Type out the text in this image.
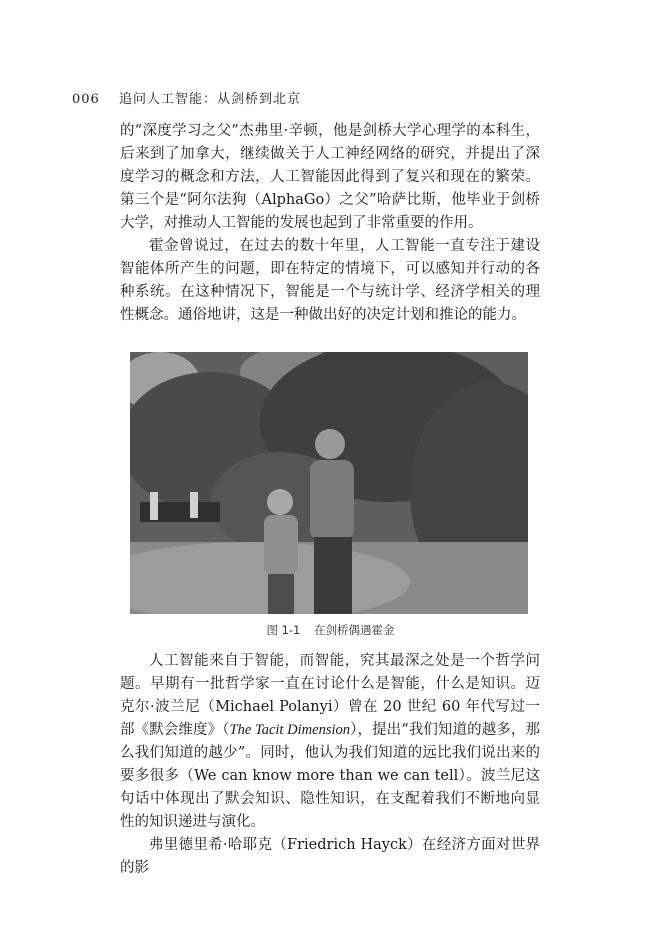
006 追问人工智能：从剑桥到北京

的“深度学习之父”杰弗里·辛顿，他是剑桥大学心理学的本科生，后来到了加拿大，继续做关于人工神经网络的研究，并提出了深度学习的概念和方法，人工智能因此得到了复兴和现在的繁荣。第三个是“阿尔法狗（AlphaGo）之父”哈萨比斯，他毕业于剑桥大学，对推动人工智能的发展也起到了非常重要的作用。

霍金曾说过，在过去的数十年里，人工智能一直专注于建设智能体所产生的问题，即在特定的情境下，可以感知并行动的各种系统。在这种情况下，智能是一个与统计学、经济学相关的理性概念。通俗地讲，这是一种做出好的决定计划和推论的能力。

图 1-1 在剑桥偶遇霍金

人工智能来自于智能，而智能，究其最深之处是一个哲学问题。早期有一批哲学家一直在讨论什么是智能，什么是知识。迈克尔·波兰尼（Michael Polanyi）曾在 20 世纪 60 年代写过一部《默会维度》（The Tacit Dimension），提出“我们知道的越多，那么我们知道的越少”。同时，他认为我们知道的远比我们说出来的要多很多（We can know more than we can tell）。波兰尼这句话中体现出了默会知识、隐性知识，在支配着我们不断地向显性的知识递进与演化。

弗里德里希·哈耶克（Friedrich Hayck）在经济方面对世界的影
